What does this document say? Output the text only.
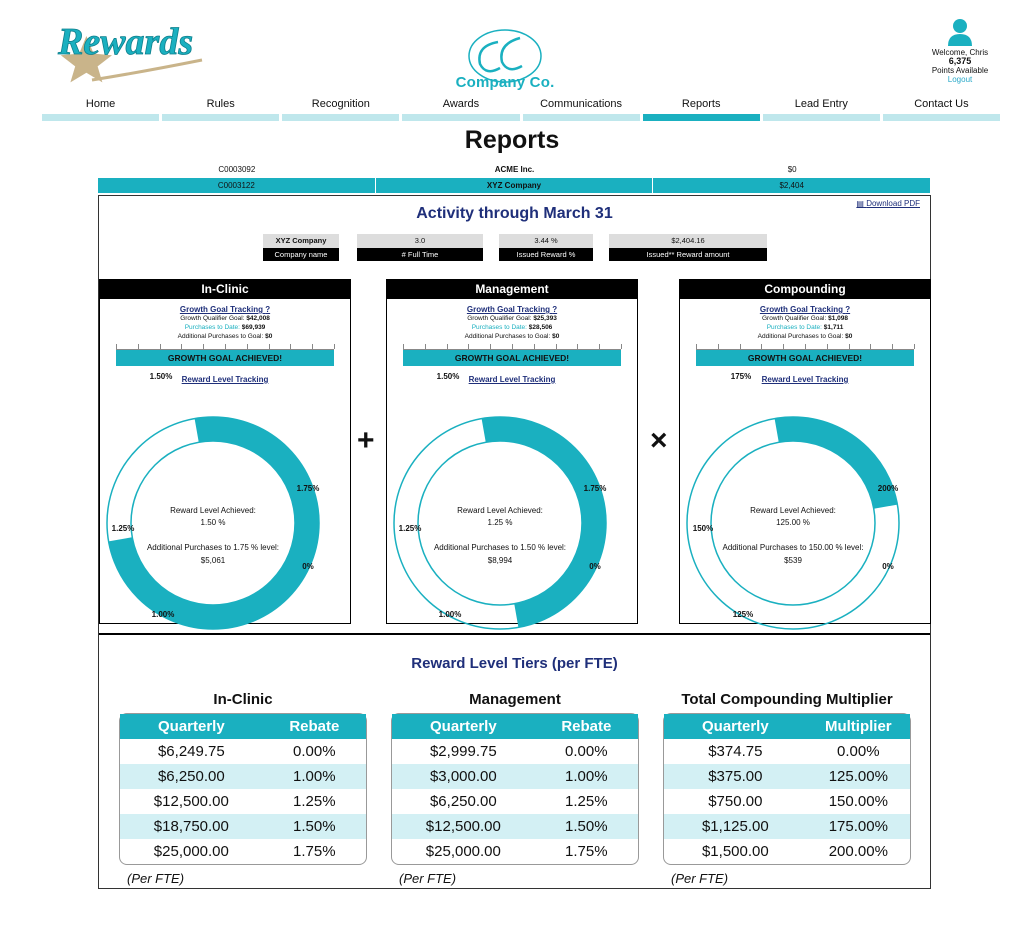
Rewards
Company Co.
Welcome, Chris
6,375
Points Available
Logout
Home	Rules	Recognition	Awards	Communications	Reports	Lead Entry	Contact Us
Reports
C0003092	ACME Inc.	$0
C0003122	XYZ Company	$2,404
▤ Download PDF
Activity through March 31
XYZ Company
Company name
3.0
# Full Time
3.44 %
Issued Reward %
$2,404.16
Issued** Reward amount
In-Clinic
Growth Goal Tracking ?
Growth Qualifier Goal: $42,008
Purchases to Date: $69,939
Additional Purchases to Goal: $0
GROWTH GOAL ACHIEVED!
Reward Level Tracking
1.50%
1.75%
0%
1.00%
1.25%
Reward Level Achieved:
1.50 %
Additional Purchases to 1.75 % level:
$5,061
+
Management
Growth Goal Tracking ?
Growth Qualifier Goal: $25,393
Purchases to Date: $28,506
Additional Purchases to Goal: $0
GROWTH GOAL ACHIEVED!
Reward Level Tracking
1.50%
1.75%
0%
1.00%
1.25%
Reward Level Achieved:
1.25 %
Additional Purchases to 1.50 % level:
$8,994
×
Compounding
Growth Goal Tracking ?
Growth Qualifier Goal: $1,098
Purchases to Date: $1,711
Additional Purchases to Goal: $0
GROWTH GOAL ACHIEVED!
Reward Level Tracking
175%
200%
0%
125%
150%
Reward Level Achieved:
125.00 %
Additional Purchases to 150.00 % level:
$539
Reward Level Tiers (per FTE)
In-Clinic
Quarterly	Rebate
$6,249.75	0.00%
$6,250.00	1.00%
$12,500.00	1.25%
$18,750.00	1.50%
$25,000.00	1.75%
(Per FTE)
Management
Quarterly	Rebate
$2,999.75	0.00%
$3,000.00	1.00%
$6,250.00	1.25%
$12,500.00	1.50%
$25,000.00	1.75%
(Per FTE)
Total Compounding Multiplier
Quarterly	Multiplier
$374.75	0.00%
$375.00	125.00%
$750.00	150.00%
$1,125.00	175.00%
$1,500.00	200.00%
(Per FTE)
